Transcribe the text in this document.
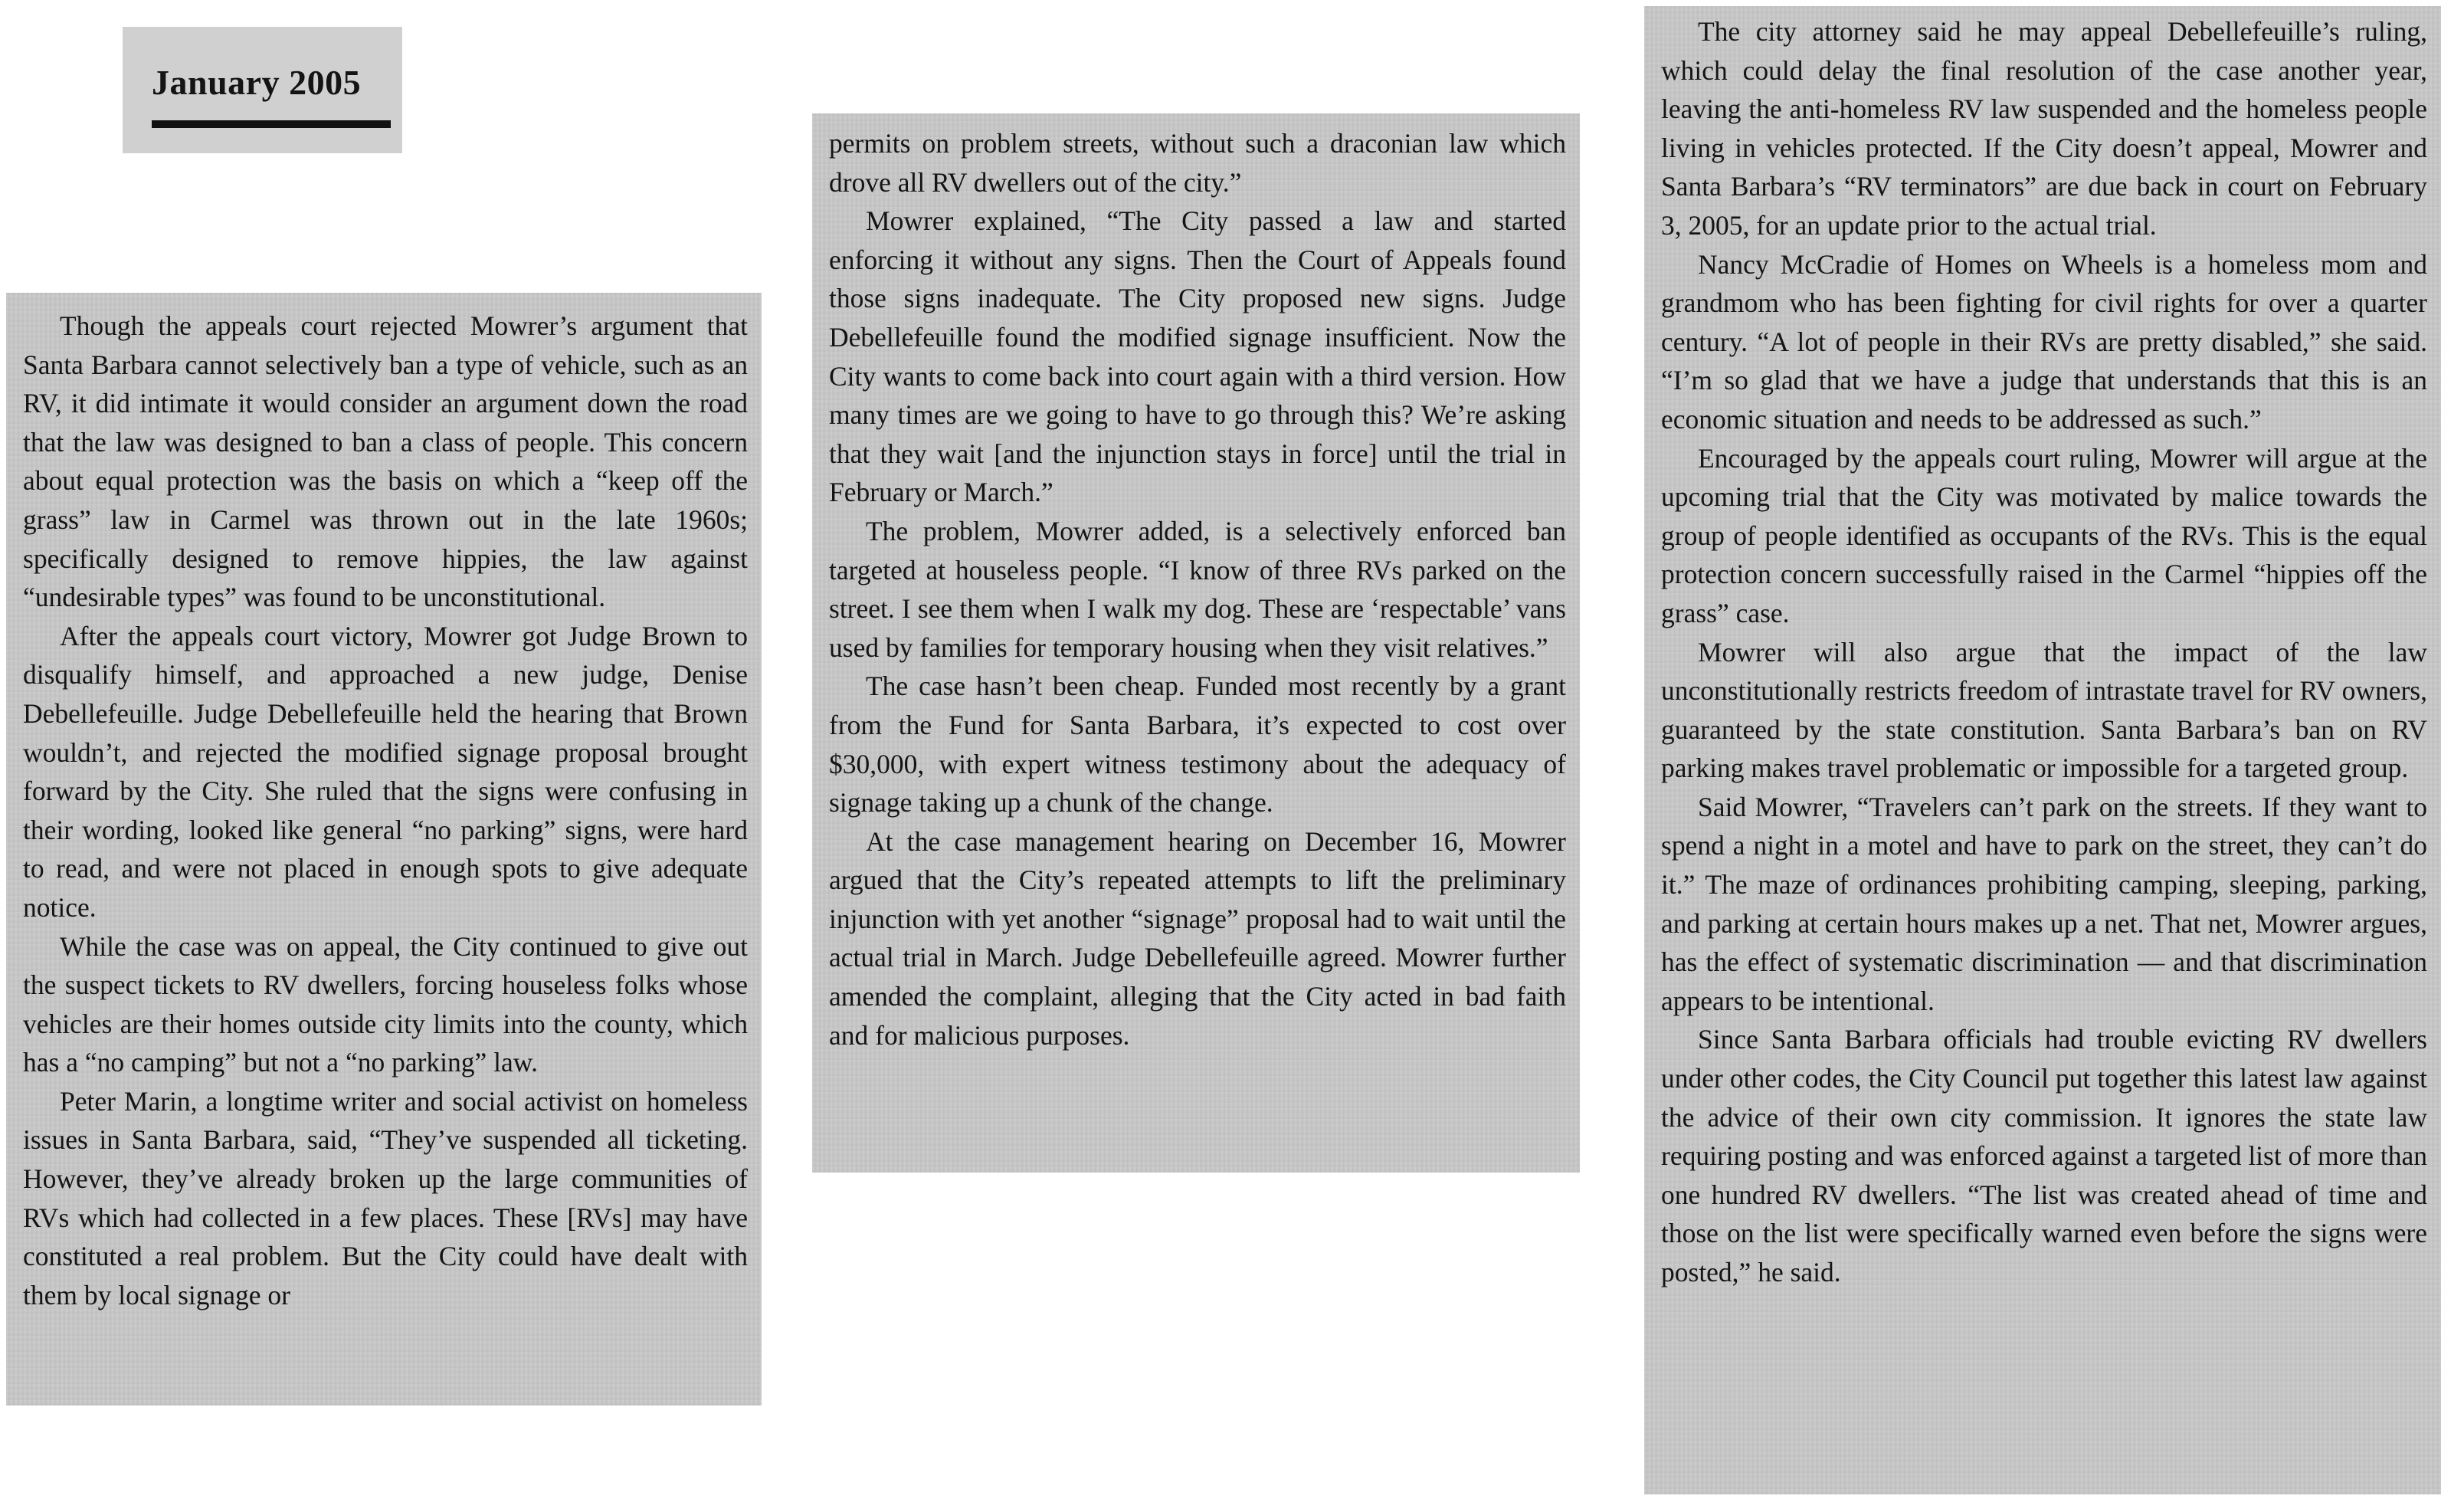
January 2005

Though the appeals court rejected Mowrer’s argument that Santa Barbara cannot selectively ban a type of vehicle, such as an RV, it did intimate it would consider an argument down the road that the law was designed to ban a class of people. This concern about equal protection was the basis on which a “keep off the grass” law in Carmel was thrown out in the late 1960s; specifically designed to remove hippies, the law against “undesirable types” was found to be unconstitutional.

After the appeals court victory, Mowrer got Judge Brown to disqualify himself, and approached a new judge, Denise Debellefeuille. Judge Debellefeuille held the hearing that Brown wouldn’t, and rejected the modified signage proposal brought forward by the City. She ruled that the signs were confusing in their wording, looked like general “no parking” signs, were hard to read, and were not placed in enough spots to give adequate notice.

While the case was on appeal, the City continued to give out the suspect tickets to RV dwellers, forcing houseless folks whose vehicles are their homes outside city limits into the county, which has a “no camping” but not a “no parking” law.

Peter Marin, a longtime writer and social activist on homeless issues in Santa Barbara, said, “They’ve suspended all ticketing. However, they’ve already broken up the large communities of RVs which had collected in a few places. These [RVs] may have constituted a real problem. But the City could have dealt with them by local signage or

permits on problem streets, without such a draconian law which drove all RV dwellers out of the city.”

Mowrer explained, “The City passed a law and started enforcing it without any signs. Then the Court of Appeals found those signs inadequate. The City proposed new signs. Judge Debellefeuille found the modified signage insufficient. Now the City wants to come back into court again with a third version. How many times are we going to have to go through this? We’re asking that they wait [and the injunction stays in force] until the trial in February or March.”

The problem, Mowrer added, is a selectively enforced ban targeted at houseless people. “I know of three RVs parked on the street. I see them when I walk my dog. These are ‘respectable’ vans used by families for temporary housing when they visit relatives.”

The case hasn’t been cheap. Funded most recently by a grant from the Fund for Santa Barbara, it’s expected to cost over $30,000, with expert witness testimony about the adequacy of signage taking up a chunk of the change.

At the case management hearing on December 16, Mowrer argued that the City’s repeated attempts to lift the preliminary injunction with yet another “signage” proposal had to wait until the actual trial in March. Judge Debellefeuille agreed. Mowrer further amended the complaint, alleging that the City acted in bad faith and for malicious purposes.

The city attorney said he may appeal Debellefeuille’s ruling, which could delay the final resolution of the case another year, leaving the anti-homeless RV law suspended and the homeless people living in vehicles protected. If the City doesn’t appeal, Mowrer and Santa Barbara’s “RV terminators” are due back in court on February 3, 2005, for an update prior to the actual trial.

Nancy McCradie of Homes on Wheels is a homeless mom and grandmom who has been fighting for civil rights for over a quarter century. “A lot of people in their RVs are pretty disabled,” she said. “I’m so glad that we have a judge that understands that this is an economic situation and needs to be addressed as such.”

Encouraged by the appeals court ruling, Mowrer will argue at the upcoming trial that the City was motivated by malice towards the group of people identified as occupants of the RVs. This is the equal protection concern successfully raised in the Carmel “hippies off the grass” case.

Mowrer will also argue that the impact of the law unconstitutionally restricts freedom of intrastate travel for RV owners, guaranteed by the state constitution. Santa Barbara’s ban on RV parking makes travel problematic or impossible for a targeted group.

Said Mowrer, “Travelers can’t park on the streets. If they want to spend a night in a motel and have to park on the street, they can’t do it.” The maze of ordinances prohibiting camping, sleeping, parking, and parking at certain hours makes up a net. That net, Mowrer argues, has the effect of systematic discrimination — and that discrimination appears to be intentional.

Since Santa Barbara officials had trouble evicting RV dwellers under other codes, the City Council put together this latest law against the advice of their own city commission. It ignores the state law requiring posting and was enforced against a targeted list of more than one hundred RV dwellers. “The list was created ahead of time and those on the list were specifically warned even before the signs were posted,” he said.
